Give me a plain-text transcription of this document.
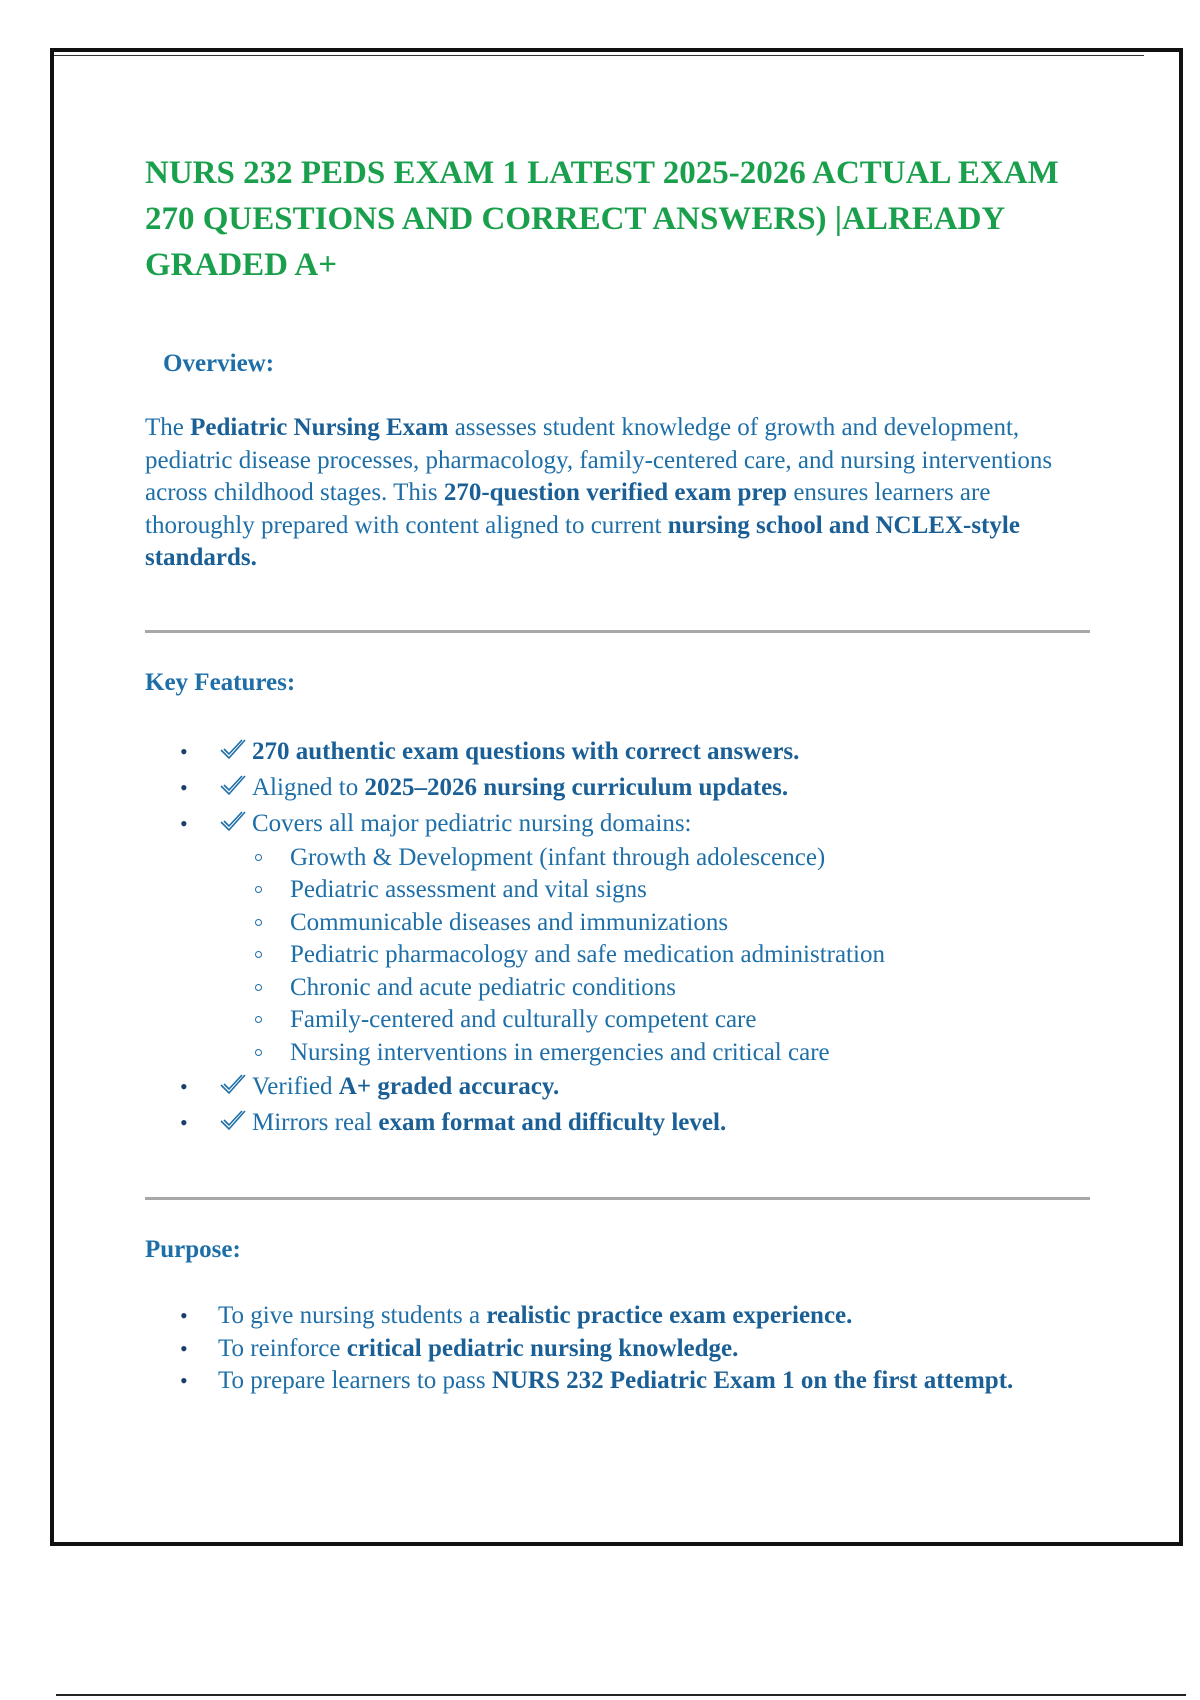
NURS 232 PEDS EXAM 1 LATEST 2025-2026 ACTUAL EXAM 270 QUESTIONS AND CORRECT ANSWERS) |ALREADY GRADED A+
Overview:

The Pediatric Nursing Exam assesses student knowledge of growth and development, pediatric disease processes, pharmacology, family-centered care, and nursing interventions across childhood stages. This 270-question verified exam prep ensures learners are thoroughly prepared with content aligned to current nursing school and NCLEX-style standards.

Key Features:
•	270 authentic exam questions with correct answers.
•	Aligned to 2025–2026 nursing curriculum updates.
•	Covers all major pediatric nursing domains:
Growth & Development (infant through adolescence)
Pediatric assessment and vital signs
Communicable diseases and immunizations
Pediatric pharmacology and safe medication administration
Chronic and acute pediatric conditions
Family-centered and culturally competent care
Nursing interventions in emergencies and critical care
•	Verified A+ graded accuracy.
•	Mirrors real exam format and difficulty level.
Purpose:
• To give nursing students a realistic practice exam experience.
• To reinforce critical pediatric nursing knowledge.
• To prepare learners to pass NURS 232 Pediatric Exam 1 on the first attempt.
